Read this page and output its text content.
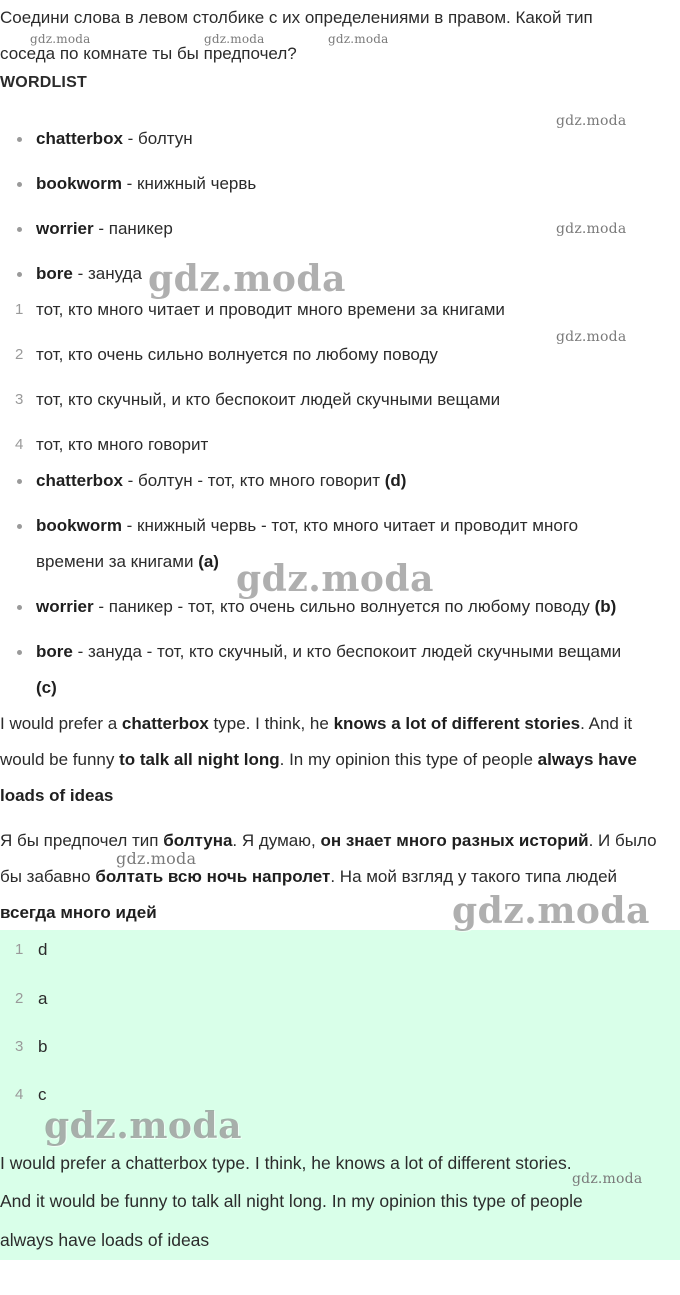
Соедини слова в левом столбике с их определениями в правом. Какой тип
соседа по комнате ты бы предпочел?
WORDLIST
chatterbox - болтун
bookworm - книжный червь
worrier - паникер
bore - зануда
1 тот, кто много читает и проводит много времени за книгами
2 тот, кто очень сильно волнуется по любому поводу
3 тот, кто скучный, и кто беспокоит людей скучными вещами
4 тот, кто много говорит
chatterbox - болтун - тот, кто много говорит (d)
bookworm - книжный червь - тот, кто много читает и проводит много
времени за книгами (a)
worrier - паникер - тот, кто очень сильно волнуется по любому поводу (b)
bore - зануда - тот, кто скучный, и кто беспокоит людей скучными вещами
(c)
I would prefer a chatterbox type. I think, he knows a lot of different stories. And it
would be funny to talk all night long. In my opinion this type of people always have
loads of ideas
Я бы предпочел тип болтуна. Я думаю, он знает много разных историй. И было
бы забавно болтать всю ночь напролет. На мой взгляд у такого типа людей
всегда много идей
1 d
2 a
3 b
4 c
I would prefer a chatterbox type. I think, he knows a lot of different stories.
And it would be funny to talk all night long. In my opinion this type of people
always have loads of ideas
gdz.moda	gdz.moda	gdz.moda
gdz.moda
gdz.moda
gdz.moda
gdz.moda
gdz.moda
gdz.moda
gdz.moda
gdz.moda
gdz.moda
